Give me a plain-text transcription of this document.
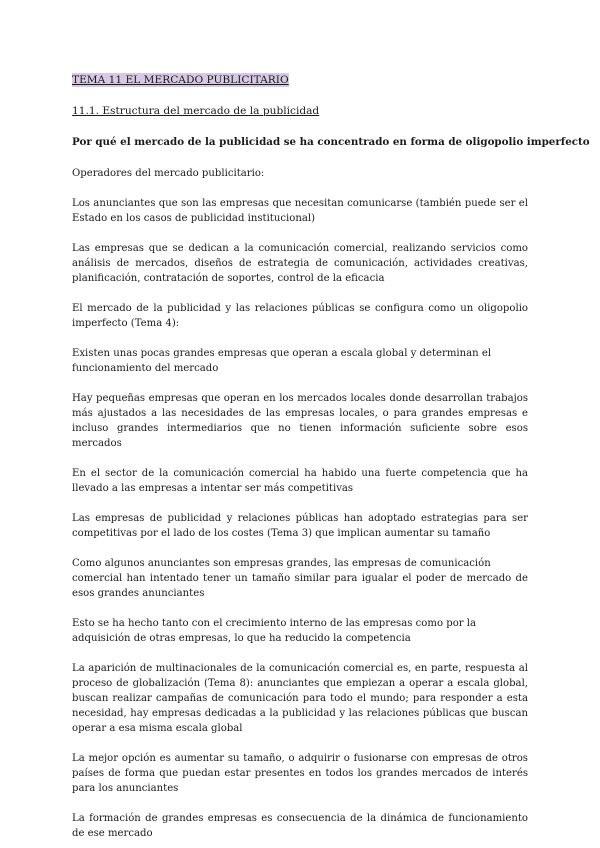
TEMA 11 EL MERCADO PUBLICITARIO
11.1. Estructura del mercado de la publicidad
Por qué el mercado de la publicidad se ha concentrado en forma de oligopolio imperfecto
Operadores del mercado publicitario:
Los anunciantes que son las empresas que necesitan comunicarse (también puede ser el Estado en los casos de publicidad institucional)
Las empresas que se dedican a la comunicación comercial, realizando servicios como análisis de mercados, diseños de estrategia de comunicación, actividades creativas, planificación, contratación de soportes, control de la eficacia
El mercado de la publicidad y las relaciones públicas se configura como un oligopolio imperfecto (Tema 4):
Existen unas pocas grandes empresas que operan a escala global y determinan el
funcionamiento del mercado
Hay pequeñas empresas que operan en los mercados locales donde desarrollan trabajos más ajustados a las necesidades de las empresas locales, o para grandes empresas e incluso grandes intermediarios que no tienen información suficiente sobre esos mercados
En el sector de la comunicación comercial ha habido una fuerte competencia que ha llevado a las empresas a intentar ser más competitivas
Las empresas de publicidad y relaciones públicas han adoptado estrategias para ser competitivas por el lado de los costes (Tema 3) que implican aumentar su tamaño
Como algunos anunciantes son empresas grandes, las empresas de comunicación
comercial han intentado tener un tamaño similar para igualar el poder de mercado de esos grandes anunciantes
Esto se ha hecho tanto con el crecimiento interno de las empresas como por la
adquisición de otras empresas, lo que ha reducido la competencia
La aparición de multinacionales de la comunicación comercial es, en parte, respuesta al proceso de globalización (Tema 8): anunciantes que empiezan a operar a escala global, buscan realizar campañas de comunicación para todo el mundo; para responder a esta necesidad, hay empresas dedicadas a la publicidad y las relaciones públicas que buscan operar a esa misma escala global
La mejor opción es aumentar su tamaño, o adquirir o fusionarse con empresas de otros países de forma que puedan estar presentes en todos los grandes mercados de interés para los anunciantes
La formación de grandes empresas es consecuencia de la dinámica de funcionamiento de ese mercado
